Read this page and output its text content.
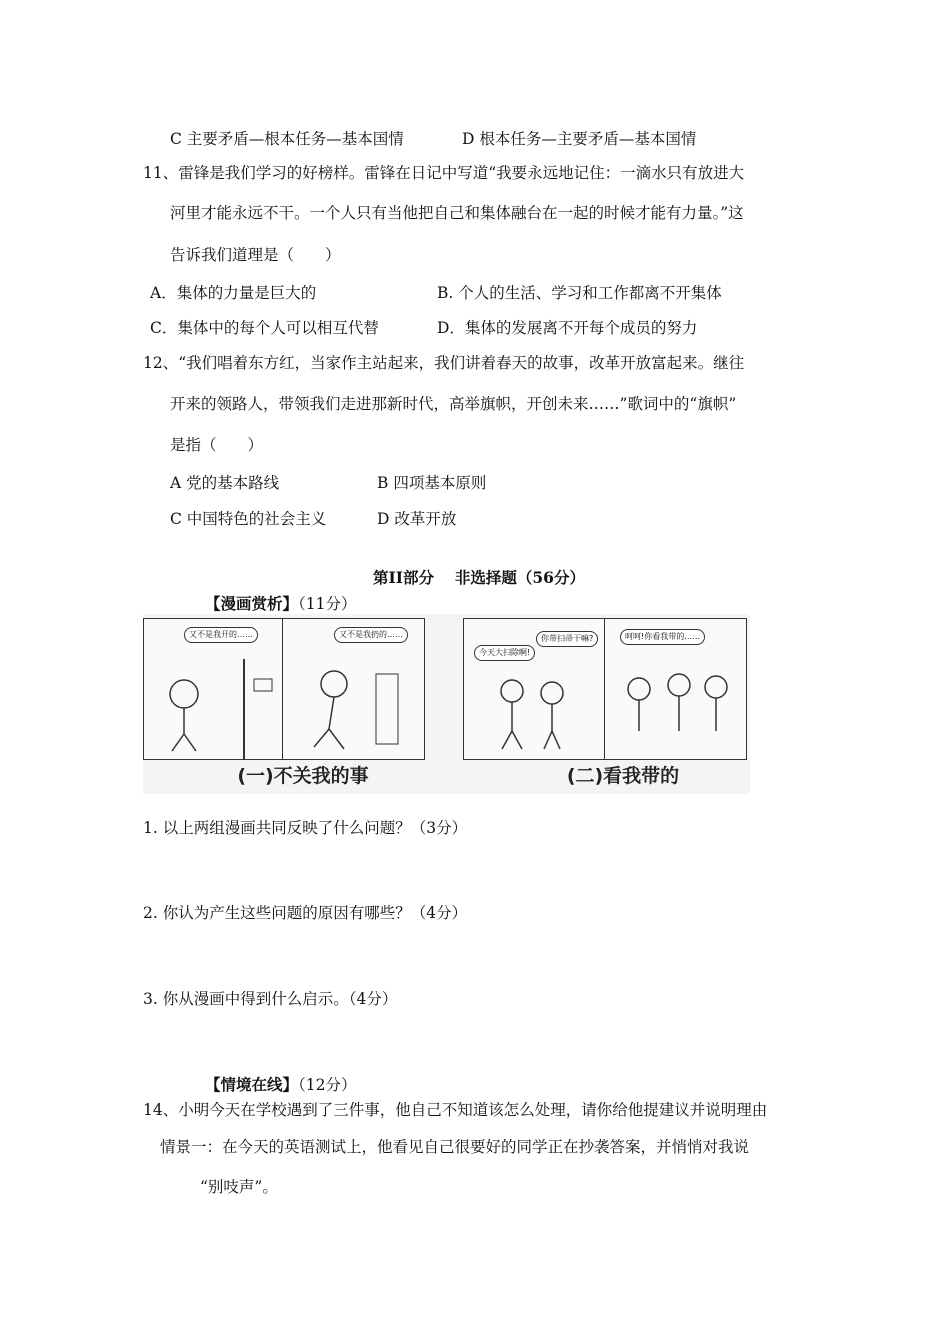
C 主要矛盾—根本任务—基本国情	D 根本任务—主要矛盾—基本国情
11、雷锋是我们学习的好榜样。雷锋在日记中写道“我要永远地记住：一滴水只有放进大
河里才能永远不干。一个人只有当他把自己和集体融台在一起的时候才能有力量。”这
告诉我们道理是（　　）
A．集体的力量是巨大的	B. 个人的生活、学习和工作都离不开集体
C．集体中的每个人可以相互代替	D．集体的发展离不开每个成员的努力
12、“我们唱着东方红，当家作主站起来，我们讲着春天的故事，改革开放富起来。继往
开来的领路人，带领我们走进那新时代，高举旗帜，开创未来……”歌词中的“旗帜”
是指（　　）
A 党的基本路线	B 四项基本原则
C 中国特色的社会主义	D 改革开放
第II部分　 非选择题（56分）
【漫画赏析】（11分）
又不是我开的……	又不是我扔的……
今天大扫除啊!
你带扫帚干嘛?	呵呵!你看我带的……
(一)不关我的事	(二)看我带的
1. 以上两组漫画共同反映了什么问题？（3分）
2. 你认为产生这些问题的原因有哪些？（4分）
3. 你从漫画中得到什么启示。（4分）
【情境在线】（12分）
14、小明今天在学校遇到了三件事，他自己不知道该怎么处理，请你给他提建议并说明理由
情景一：在今天的英语测试上，他看见自己很要好的同学正在抄袭答案，并悄悄对我说
“别吱声”。
